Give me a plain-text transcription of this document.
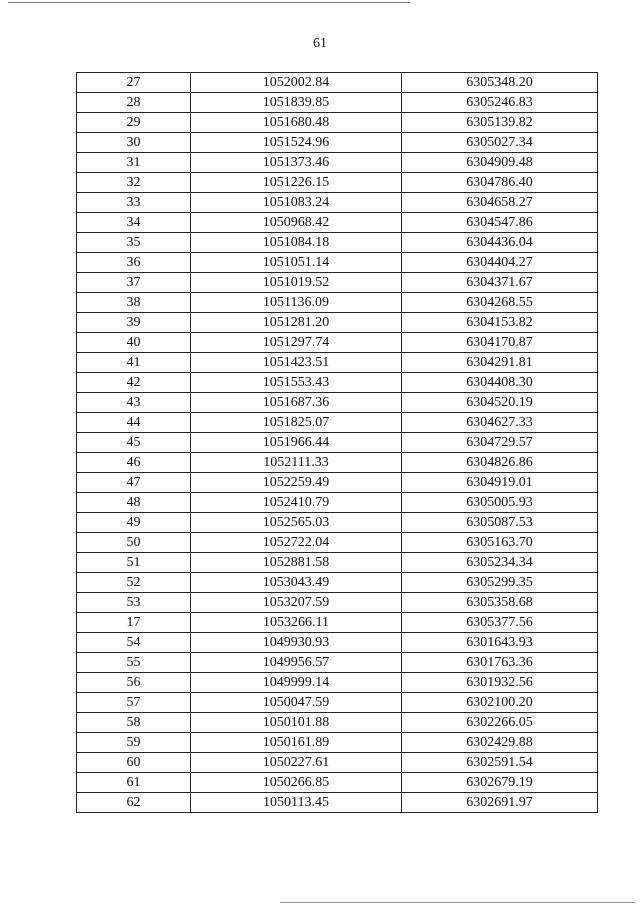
61
27	1052002.84	6305348.20
28	1051839.85	6305246.83
29	1051680.48	6305139.82
30	1051524.96	6305027.34
31	1051373.46	6304909.48
32	1051226.15	6304786.40
33	1051083.24	6304658.27
34	1050968.42	6304547.86
35	1051084.18	6304436.04
36	1051051.14	6304404.27
37	1051019.52	6304371.67
38	1051136.09	6304268.55
39	1051281.20	6304153.82
40	1051297.74	6304170.87
41	1051423.51	6304291.81
42	1051553.43	6304408.30
43	1051687.36	6304520.19
44	1051825.07	6304627.33
45	1051966.44	6304729.57
46	1052111.33	6304826.86
47	1052259.49	6304919.01
48	1052410.79	6305005.93
49	1052565.03	6305087.53
50	1052722.04	6305163.70
51	1052881.58	6305234.34
52	1053043.49	6305299.35
53	1053207.59	6305358.68
17	1053266.11	6305377.56
54	1049930.93	6301643.93
55	1049956.57	6301763.36
56	1049999.14	6301932.56
57	1050047.59	6302100.20
58	1050101.88	6302266.05
59	1050161.89	6302429.88
60	1050227.61	6302591.54
61	1050266.85	6302679.19
62	1050113.45	6302691.97
